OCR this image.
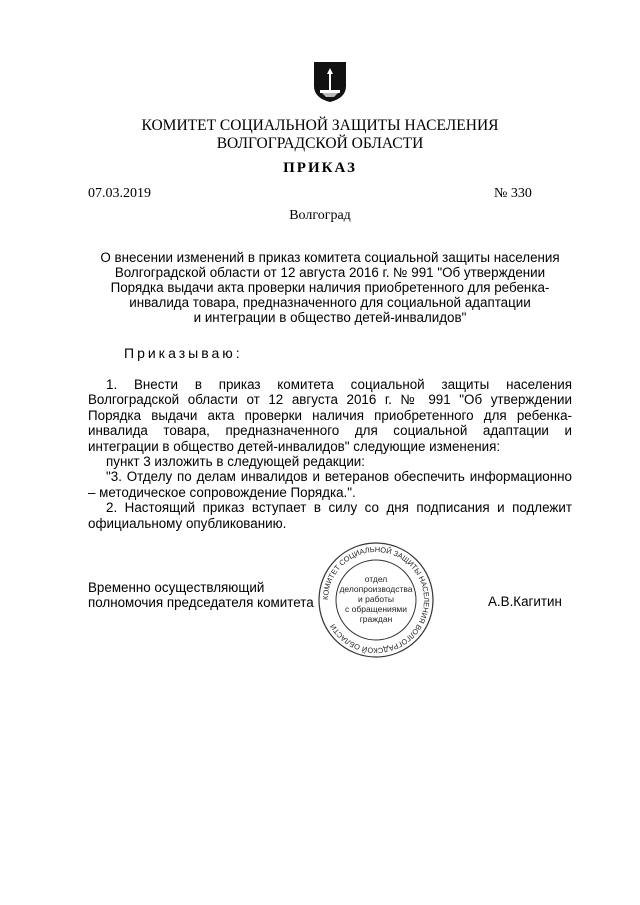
КОМИТЕТ СОЦИАЛЬНОЙ ЗАЩИТЫ НАСЕЛЕНИЯ
ВОЛГОГРАДСКОЙ ОБЛАСТИ
ПРИКАЗ
07.03.2019	№ 330
Волгоград
О внесении изменений в приказ комитета социальной защиты населения
Волгоградской области от 12 августа 2016 г. № 991 "Об утверждении
Порядка выдачи акта проверки наличия приобретенного для ребенка-
инвалида товара, предназначенного для социальной адаптации
и интеграции в общество детей-инвалидов"
Приказываю:
1. Внести в приказ комитета социальной защиты населения Волгоградской области от 12 августа 2016 г. № 991 "Об утверждении Порядка выдачи акта проверки наличия приобретенного для ребенка-инвалида товара, предназначенного для социальной адаптации и интеграции в общество детей-инвалидов" следующие изменения:
пункт 3 изложить в следующей редакции:
"3. Отделу по делам инвалидов и ветеранов обеспечить информационно – методическое сопровождение Порядка.".
2. Настоящий приказ вступает в силу со дня подписания и подлежит официальному опубликованию.
Временно осуществляющий
полномочия председателя комитета КОМИТЕТ СОЦИАЛЬНОЙ ЗАЩИТЫ НАСЕЛЕНИЯ ВОЛГОГРАДСКОЙ ОБЛАСТИ
отдел
делопроизводства
и работы
с обращениями
граждан
А.В.Кагитин
